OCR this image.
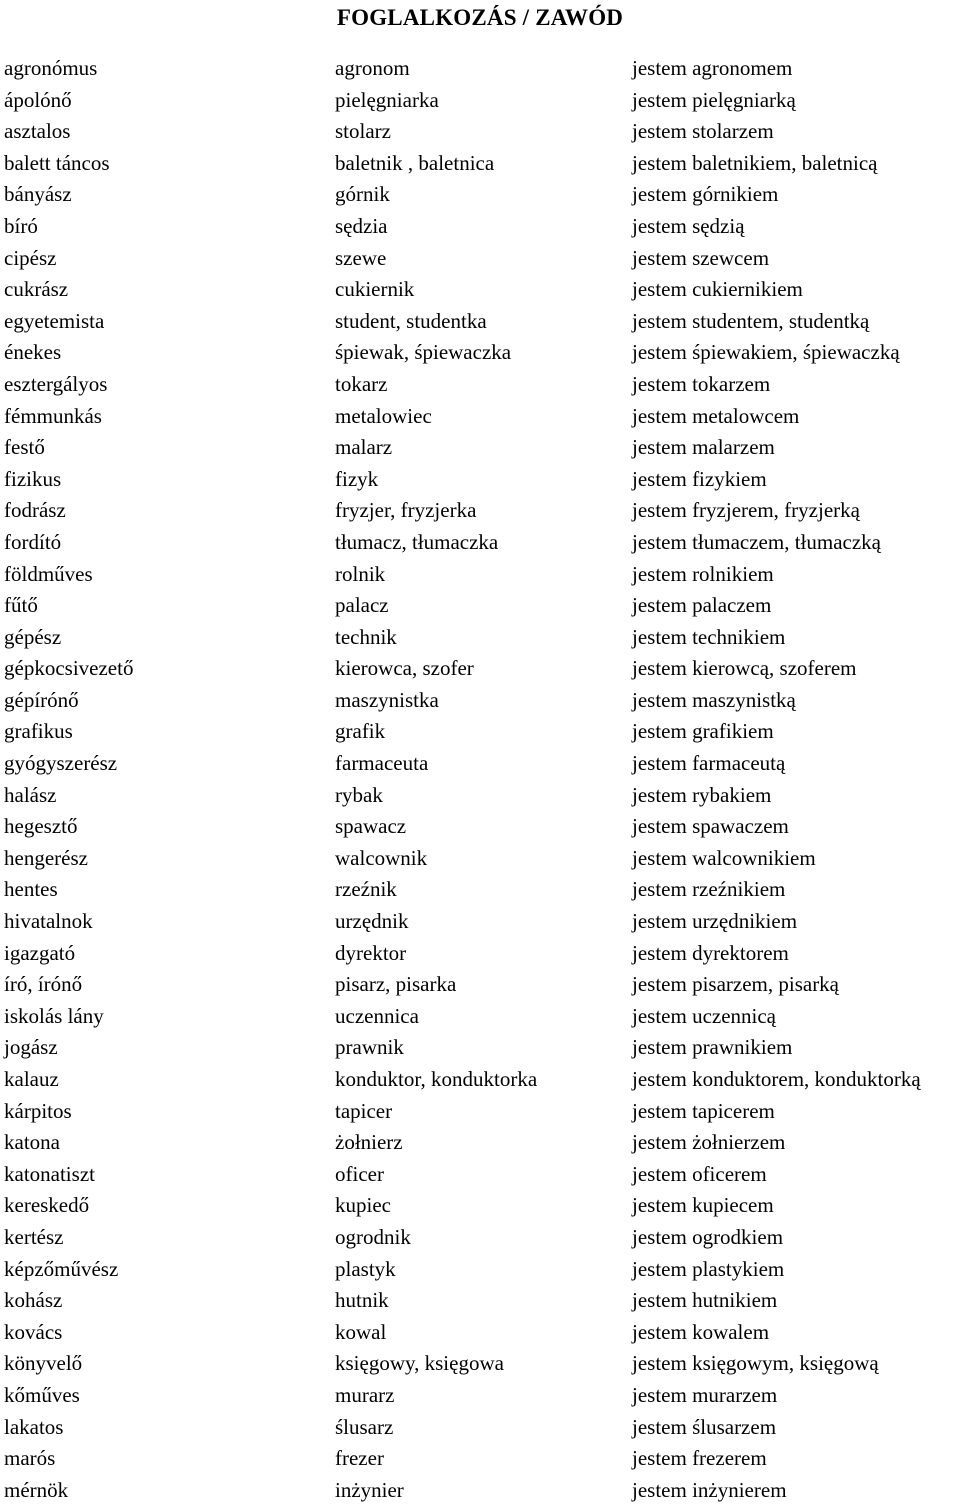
FOGLALKOZÁS / ZAWÓD
agronómus	agronom	jestem agronomem
ápolónő	pielęgniarka	jestem pielęgniarką
asztalos	stolarz	jestem stolarzem
balett táncos	baletnik , baletnica	jestem baletnikiem, baletnicą
bányász	górnik	jestem górnikiem
bíró	sędzia	jestem sędzią
cipész	szewe	jestem szewcem
cukrász	cukiernik	jestem cukiernikiem
egyetemista	student, studentka	jestem studentem, studentką
énekes	śpiewak, śpiewaczka	jestem śpiewakiem, śpiewaczką
esztergályos	tokarz	jestem tokarzem
fémmunkás	metalowiec	jestem metalowcem
festő	malarz	jestem malarzem
fizikus	fizyk	jestem fizykiem
fodrász	fryzjer, fryzjerka	jestem fryzjerem, fryzjerką
fordító	tłumacz, tłumaczka	jestem tłumaczem, tłumaczką
földműves	rolnik	jestem rolnikiem
fűtő	palacz	jestem palaczem
gépész	technik	jestem technikiem
gépkocsivezető	kierowca, szofer	jestem kierowcą, szoferem
gépírónő	maszynistka	jestem maszynistką
grafikus	grafik	jestem grafikiem
gyógyszerész	farmaceuta	jestem farmaceutą
halász	rybak	jestem rybakiem
hegesztő	spawacz	jestem spawaczem
hengerész	walcownik	jestem walcownikiem
hentes	rzeźnik	jestem rzeźnikiem
hivatalnok	urzędnik	jestem urzędnikiem
igazgató	dyrektor	jestem dyrektorem
író, írónő	pisarz, pisarka	jestem pisarzem, pisarką
iskolás lány	uczennica	jestem uczennicą
jogász	prawnik	jestem prawnikiem
kalauz	konduktor, konduktorka	jestem konduktorem, konduktorką
kárpitos	tapicer	jestem tapicerem
katona	żołnierz	jestem żołnierzem
katonatiszt	oficer	jestem oficerem
kereskedő	kupiec	jestem kupiecem
kertész	ogrodnik	jestem ogrodkiem
képzőművész	plastyk	jestem plastykiem
kohász	hutnik	jestem hutnikiem
kovács	kowal	jestem kowalem
könyvelő	księgowy, księgowa	jestem księgowym, księgową
kőműves	murarz	jestem murarzem
lakatos	ślusarz	jestem ślusarzem
marós	frezer	jestem frezerem
mérnök	inżynier	jestem inżynierem
